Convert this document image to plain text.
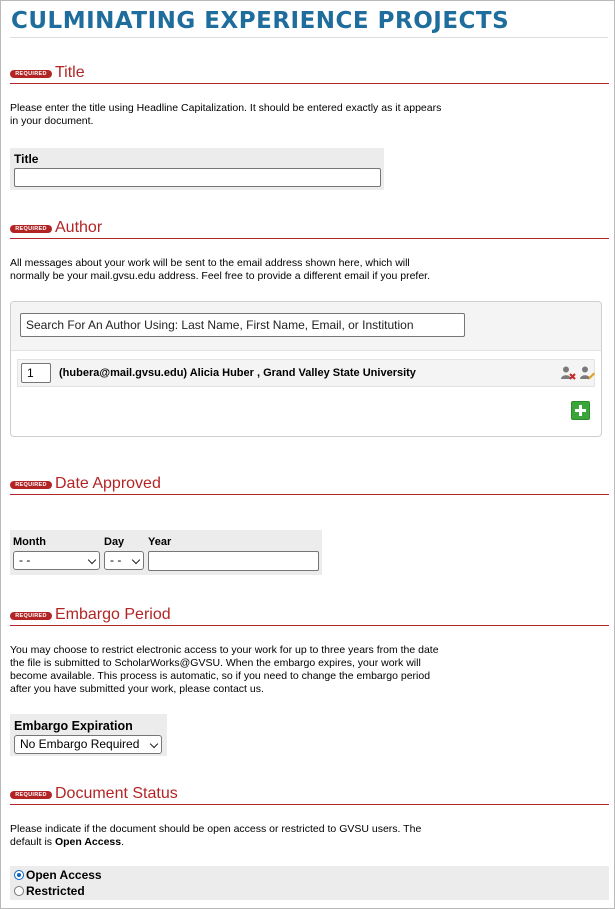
CULMINATING EXPERIENCE PROJECTS
REQUIRED Title

Please enter the title using Headline Capitalization. It should be entered exactly as it appears in your document.

Title
REQUIRED Author

All messages about your work will be sent to the email address shown here, which will normally be your mail.gvsu.edu address. Feel free to provide a different email if you prefer.

Search For An Author Using: Last Name, First Name, Email, or Institution
1
(hubera@mail.gvsu.edu) Alicia Huber , Grand Valley State University
REQUIRED Date Approved
Month	Day Year
- -	- -
REQUIRED Embargo Period

You may choose to restrict electronic access to your work for up to three years from the date the file is submitted to ScholarWorks@GVSU. When the embargo expires, your work will become available. This process is automatic, so if you need to change the embargo period after you have submitted your work, please contact us.

Embargo Expiration
No Embargo Required
REQUIRED Document Status

Please indicate if the document should be open access or restricted to GVSU users. The default is Open Access.

Open Access
Restricted
